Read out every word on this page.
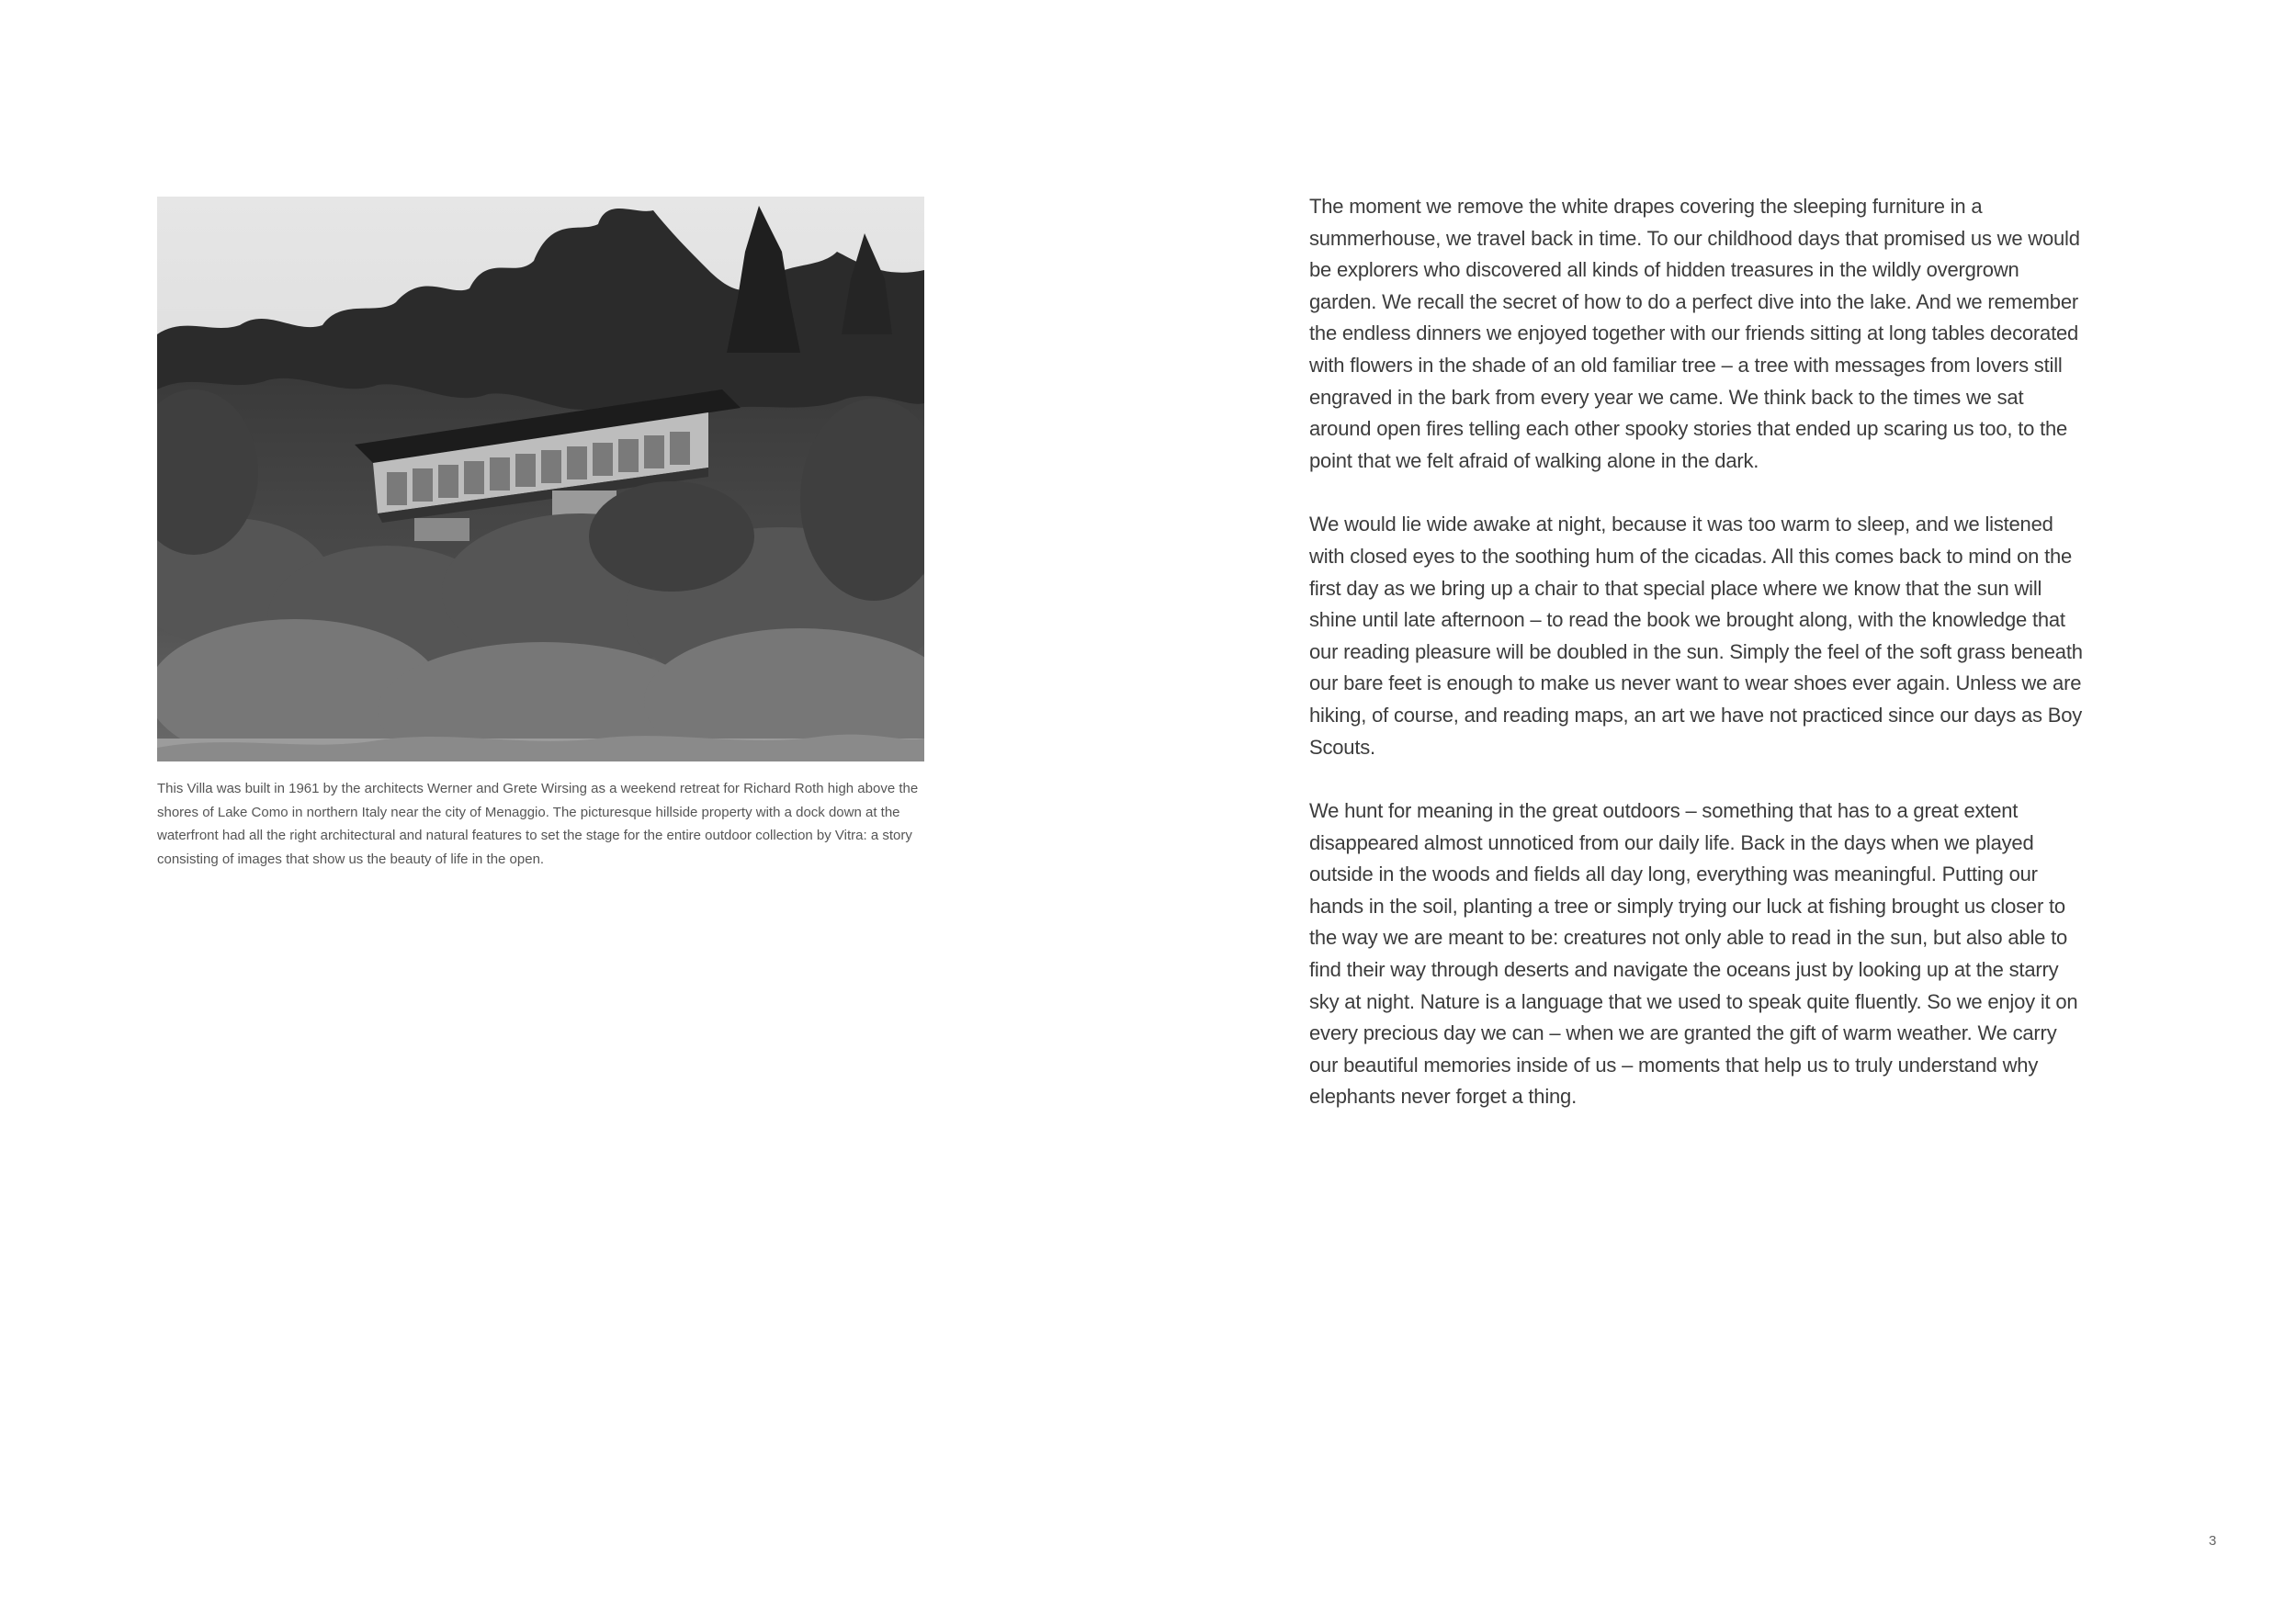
This Villa was built in 1961 by the architects Werner and Grete Wirsing as a weekend retreat for Richard Roth high above the shores of Lake Como in northern Italy near the city of Menaggio. The picturesque hillside property with a dock down at the waterfront had all the right architectural and natural features to set the stage for the entire outdoor collection by Vitra: a story consisting of images that show us the beauty of life in the open.

The moment we remove the white drapes covering the sleeping furniture in a summerhouse, we travel back in time. To our childhood days that promised us we would be explorers who discovered all kinds of hidden treasures in the wildly overgrown garden. We recall the secret of how to do a perfect dive into the lake. And we remember the endless dinners we enjoyed together with our friends sitting at long tables decorated with flowers in the shade of an old familiar tree – a tree with messages from lovers still engraved in the bark from every year we came. We think back to the times we sat around open fires telling each other spooky stories that ended up scaring us too, to the point that we felt afraid of walking alone in the dark.

We would lie wide awake at night, because it was too warm to sleep, and we listened with closed eyes to the soothing hum of the cicadas. All this comes back to mind on the first day as we bring up a chair to that special place where we know that the sun will shine until late afternoon – to read the book we brought along, with the knowledge that our reading pleasure will be doubled in the sun. Simply the feel of the soft grass beneath our bare feet is enough to make us never want to wear shoes ever again. Unless we are hiking, of course, and reading maps, an art we have not practiced since our days as Boy Scouts.

We hunt for meaning in the great outdoors – something that has to a great extent disappeared almost unnoticed from our daily life. Back in the days when we played outside in the woods and fields all day long, everything was meaningful. Putting our hands in the soil, planting a tree or simply trying our luck at fishing brought us closer to the way we are meant to be: creatures not only able to read in the sun, but also able to find their way through deserts and navigate the oceans just by looking up at the starry sky at night. Nature is a language that we used to speak quite fluently. So we enjoy it on every precious day we can – when we are granted the gift of warm weather. We carry our beautiful memories inside of us – moments that help us to truly understand why elephants never forget a thing.

3
